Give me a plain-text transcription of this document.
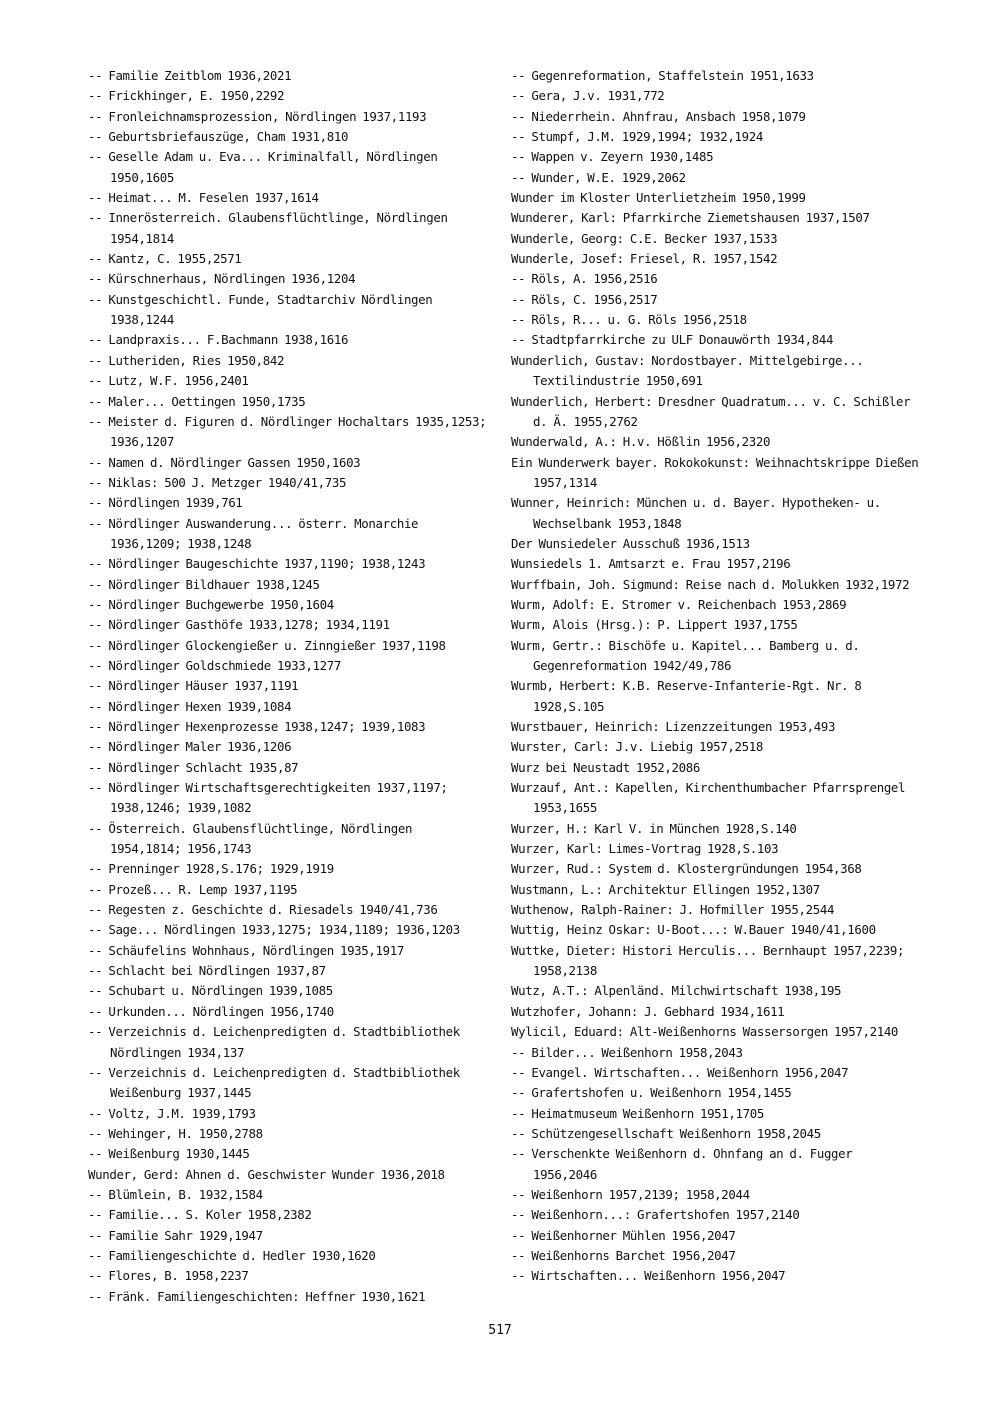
-- Familie Zeitblom 1936,2021
-- Frickhinger, E. 1950,2292
-- Fronleichnamsprozession, Nördlingen 1937,1193
-- Geburtsbriefauszüge, Cham 1931,810
-- Geselle Adam u. Eva... Kriminalfall, Nördlingen 1950,1605
-- Heimat... M. Feselen 1937,1614
-- Innerösterreich. Glaubensflüchtlinge, Nördlingen 1954,1814
-- Kantz, C. 1955,2571
-- Kürschnerhaus, Nördlingen 1936,1204
-- Kunstgeschichtl. Funde, Stadtarchiv Nördlingen 1938,1244
-- Landpraxis... F.Bachmann 1938,1616
-- Lutheriden, Ries 1950,842
-- Lutz, W.F. 1956,2401
-- Maler... Oettingen 1950,1735
-- Meister d. Figuren d. Nördlinger Hochaltars 1935,1253; 1936,1207
-- Namen d. Nördlinger Gassen 1950,1603
-- Niklas: 500 J. Metzger 1940/41,735
-- Nördlingen 1939,761
-- Nördlinger Auswanderung... österr. Monarchie 1936,1209; 1938,1248
-- Nördlinger Baugeschichte 1937,1190; 1938,1243
-- Nördlinger Bildhauer 1938,1245
-- Nördlinger Buchgewerbe 1950,1604
-- Nördlinger Gasthöfe 1933,1278; 1934,1191
-- Nördlinger Glockengießer u. Zinngießer 1937,1198
-- Nördlinger Goldschmiede 1933,1277
-- Nördlinger Häuser 1937,1191
-- Nördlinger Hexen 1939,1084
-- Nördlinger Hexenprozesse 1938,1247; 1939,1083
-- Nördlinger Maler 1936,1206
-- Nördlinger Schlacht 1935,87
-- Nördlinger Wirtschaftsgerechtigkeiten 1937,1197; 1938,1246; 1939,1082
-- Österreich. Glaubensflüchtlinge, Nördlingen 1954,1814; 1956,1743
-- Prenninger 1928,S.176; 1929,1919
-- Prozeß... R. Lemp 1937,1195
-- Regesten z. Geschichte d. Riesadels 1940/41,736
-- Sage... Nördlingen 1933,1275; 1934,1189; 1936,1203
-- Schäufelins Wohnhaus, Nördlingen 1935,1917
-- Schlacht bei Nördlingen 1937,87
-- Schubart u. Nördlingen 1939,1085
-- Urkunden... Nördlingen 1956,1740
-- Verzeichnis d. Leichenpredigten d. Stadtbibliothek Nördlingen 1934,137
-- Verzeichnis d. Leichenpredigten d. Stadtbibliothek Weißenburg 1937,1445
-- Voltz, J.M. 1939,1793
-- Wehinger, H. 1950,2788
-- Weißenburg 1930,1445
Wunder, Gerd: Ahnen d. Geschwister Wunder 1936,2018
-- Blümlein, B. 1932,1584
-- Familie... S. Koler 1958,2382
-- Familie Sahr 1929,1947
-- Familiengeschichte d. Hedler 1930,1620
-- Flores, B. 1958,2237
-- Fränk. Familiengeschichten: Heffner 1930,1621
-- Gegenreformation, Staffelstein 1951,1633
-- Gera, J.v. 1931,772
-- Niederrhein. Ahnfrau, Ansbach 1958,1079
-- Stumpf, J.M. 1929,1994; 1932,1924
-- Wappen v. Zeyern 1930,1485
-- Wunder, W.E. 1929,2062
Wunder im Kloster Unterlietzheim 1950,1999
Wunderer, Karl: Pfarrkirche Ziemetshausen 1937,1507
Wunderle, Georg: C.E. Becker 1937,1533
Wunderle, Josef: Friesel, R. 1957,1542
-- Röls, A. 1956,2516
-- Röls, C. 1956,2517
-- Röls, R... u. G. Röls 1956,2518
-- Stadtpfarrkirche zu ULF Donauwörth 1934,844
Wunderlich, Gustav: Nordostbayer. Mittelgebirge... Textilindustrie 1950,691
Wunderlich, Herbert: Dresdner Quadratum... v. C. Schißler d. Ä. 1955,2762
Wunderwald, A.: H.v. Hößlin 1956,2320
Ein Wunderwerk bayer. Rokokokunst: Weihnachtskrippe Dießen 1957,1314
Wunner, Heinrich: München u. d. Bayer. Hypotheken- u. Wechselbank 1953,1848
Der Wunsiedeler Ausschuß 1936,1513
Wunsiedels 1. Amtsarzt e. Frau 1957,2196
Wurffbain, Joh. Sigmund: Reise nach d. Molukken 1932,1972
Wurm, Adolf: E. Stromer v. Reichenbach 1953,2869
Wurm, Alois (Hrsg.): P. Lippert 1937,1755
Wurm, Gertr.: Bischöfe u. Kapitel... Bamberg u. d. Gegenreformation 1942/49,786
Wurmb, Herbert: K.B. Reserve-Infanterie-Rgt. Nr. 8 1928,S.105
Wurstbauer, Heinrich: Lizenzzeitungen 1953,493
Wurster, Carl: J.v. Liebig 1957,2518
Wurz bei Neustadt 1952,2086
Wurzauf, Ant.: Kapellen, Kirchenthumbacher Pfarrsprengel 1953,1655
Wurzer, H.: Karl V. in München 1928,S.140
Wurzer, Karl: Limes-Vortrag 1928,S.103
Wurzer, Rud.: System d. Klostergründungen 1954,368
Wustmann, L.: Architektur Ellingen 1952,1307
Wuthenow, Ralph-Rainer: J. Hofmiller 1955,2544
Wuttig, Heinz Oskar: U-Boot...: W.Bauer 1940/41,1600
Wuttke, Dieter: Histori Herculis... Bernhaupt 1957,2239; 1958,2138
Wutz, A.T.: Alpenländ. Milchwirtschaft 1938,195
Wutzhofer, Johann: J. Gebhard 1934,1611
Wylicil, Eduard: Alt-Weißenhorns Wassersorgen 1957,2140
-- Bilder... Weißenhorn 1958,2043
-- Evangel. Wirtschaften... Weißenhorn 1956,2047
-- Grafertshofen u. Weißenhorn 1954,1455
-- Heimatmuseum Weißenhorn 1951,1705
-- Schützengesellschaft Weißenhorn 1958,2045
-- Verschenkte Weißenhorn d. Ohnfang an d. Fugger 1956,2046
-- Weißenhorn 1957,2139; 1958,2044
-- Weißenhorn...: Grafertshofen 1957,2140
-- Weißenhorner Mühlen 1956,2047
-- Weißenhorns Barchet 1956,2047
-- Wirtschaften... Weißenhorn 1956,2047
517
